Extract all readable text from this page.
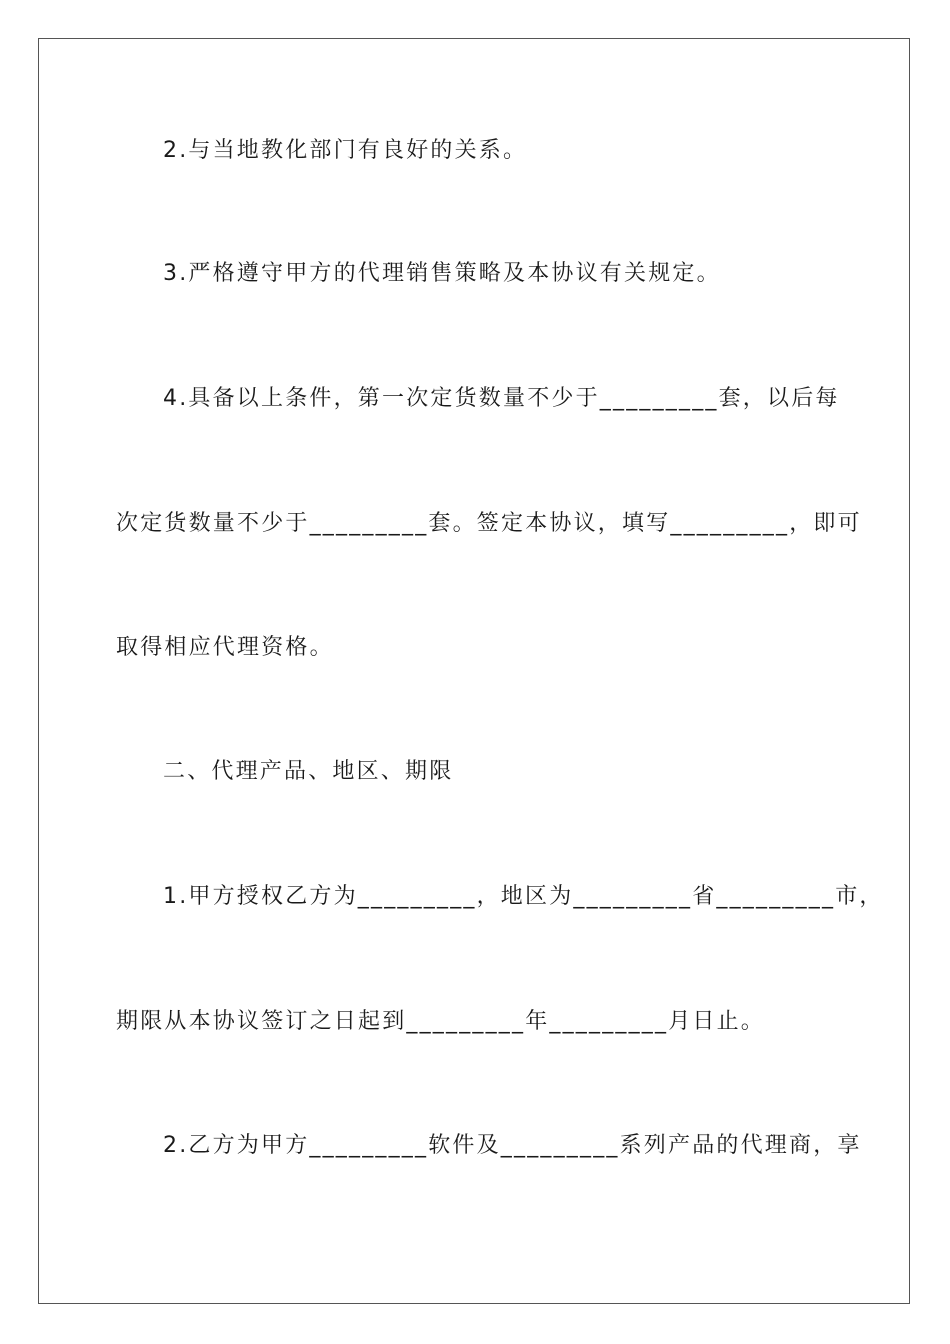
2.与当地教化部门有良好的关系。
3.严格遵守甲方的代理销售策略及本协议有关规定。
4.具备以上条件，第一次定货数量不少于_________套，以后每
次定货数量不少于_________套。签定本协议，填写_________，即可
取得相应代理资格。
二、代理产品、地区、期限
1.甲方授权乙方为_________，地区为_________省_________市，
期限从本协议签订之日起到_________年_________月日止。
2.乙方为甲方_________软件及_________系列产品的代理商，享
